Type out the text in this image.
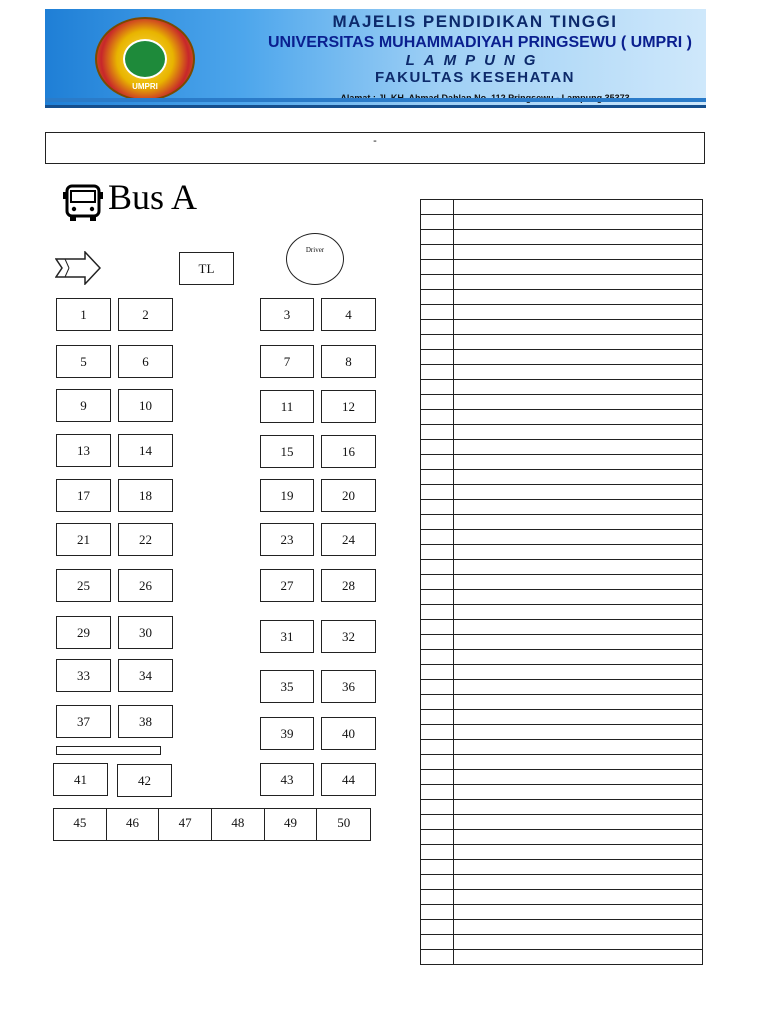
UMPRI
MAJELIS PENDIDIKAN TINGGI
UNIVERSITAS MUHAMMADIYAH PRINGSEWU ( UMPRI )
LAMPUNG
FAKULTAS KESEHATAN
-
Bus A
TL
Driver
1	2	3	4
5	6	7	8
9	10	11	12
13	14	15	16
17	18	19	20
21	22	23	24
25	26	27	28
29	30	31	32
33	34
35	36
37	38
39	40
41	42	43	44
45	46	47	48	49	50
